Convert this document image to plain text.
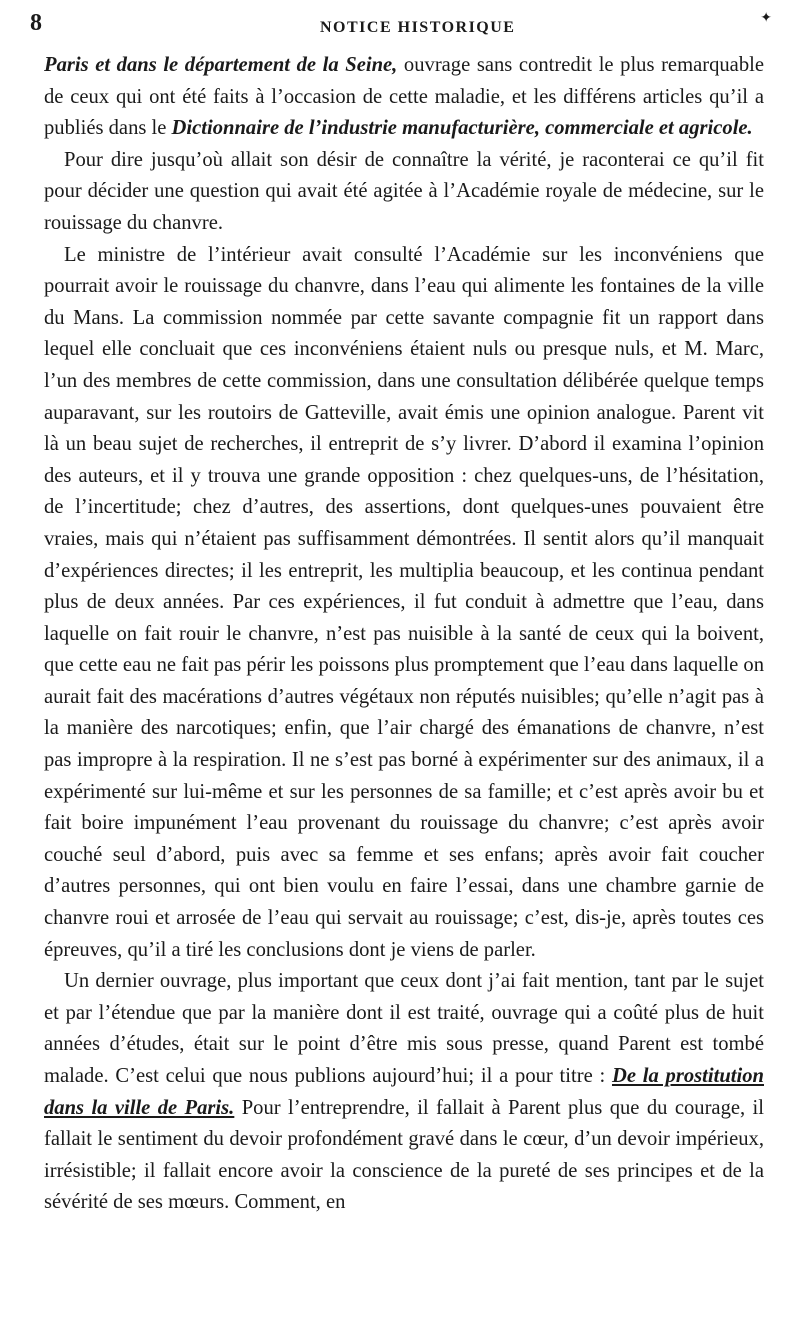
8	NOTICE HISTORIQUE
✦

Paris et dans le département de la Seine, ouvrage sans contredit le plus remarquable de ceux qui ont été faits à l’occasion de cette maladie, et les différens articles qu’il a publiés dans le Dictionnaire de l’industrie manufacturière, commerciale et agricole.

Pour dire jusqu’où allait son désir de connaître la vérité, je raconterai ce qu’il fit pour décider une question qui avait été agitée à l’Académie royale de médecine, sur le rouissage du chanvre.

Le ministre de l’intérieur avait consulté l’Académie sur les inconvéniens que pourrait avoir le rouissage du chanvre, dans l’eau qui alimente les fontaines de la ville du Mans. La commission nommée par cette savante compagnie fit un rapport dans lequel elle concluait que ces inconvéniens étaient nuls ou presque nuls, et M. Marc, l’un des membres de cette commission, dans une consultation délibérée quelque temps auparavant, sur les routoirs de Gatteville, avait émis une opinion analogue. Parent vit là un beau sujet de recherches, il entreprit de s’y livrer. D’abord il examina l’opinion des auteurs, et il y trouva une grande opposition : chez quelques-uns, de l’hésitation, de l’incertitude; chez d’autres, des assertions, dont quelques-unes pouvaient être vraies, mais qui n’étaient pas suffisamment démontrées. Il sentit alors qu’il manquait d’expériences directes; il les entreprit, les multiplia beaucoup, et les continua pendant plus de deux années. Par ces expériences, il fut conduit à admettre que l’eau, dans laquelle on fait rouir le chanvre, n’est pas nuisible à la santé de ceux qui la boivent, que cette eau ne fait pas périr les poissons plus promptement que l’eau dans laquelle on aurait fait des macérations d’autres végétaux non réputés nuisibles; qu’elle n’agit pas à la manière des narcotiques; enfin, que l’air chargé des émanations de chanvre, n’est pas impropre à la respiration. Il ne s’est pas borné à expérimenter sur des animaux, il a expérimenté sur lui-même et sur les personnes de sa famille; et c’est après avoir bu et fait boire impunément l’eau provenant du rouissage du chanvre; c’est après avoir couché seul d’abord, puis avec sa femme et ses enfans; après avoir fait coucher d’autres personnes, qui ont bien voulu en faire l’essai, dans une chambre garnie de chanvre roui et arrosée de l’eau qui servait au rouissage; c’est, dis-je, après toutes ces épreuves, qu’il a tiré les conclusions dont je viens de parler.

Un dernier ouvrage, plus important que ceux dont j’ai fait mention, tant par le sujet et par l’étendue que par la manière dont il est traité, ouvrage qui a coûté plus de huit années d’études, était sur le point d’être mis sous presse, quand Parent est tombé malade. C’est celui que nous publions aujourd’hui; il a pour titre : De la prostitution dans la ville de Paris. Pour l’entreprendre, il fallait à Parent plus que du courage, il fallait le sentiment du devoir profondément gravé dans le cœur, d’un devoir impérieux, irrésistible; il fallait encore avoir la conscience de la pureté de ses principes et de la sévérité de ses mœurs. Comment, en
